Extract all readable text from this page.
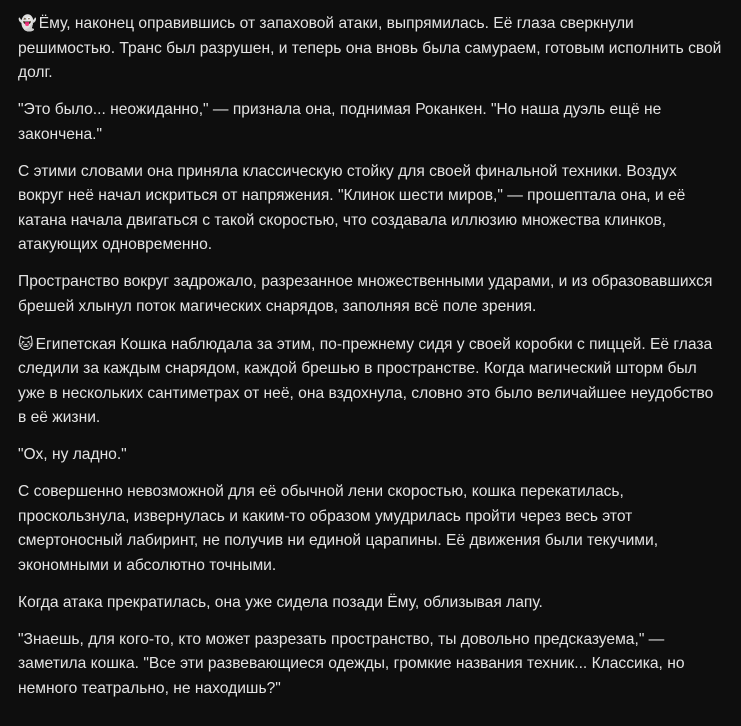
👻 Ёму, наконец оправившись от запаховой атаки, выпрямилась. Её глаза сверкнули решимостью. Транс был разрушен, и теперь она вновь была самураем, готовым исполнить свой долг.

"Это было... неожиданно," — признала она, поднимая Роканкен. "Но наша дуэль ещё не закончена."

С этими словами она приняла классическую стойку для своей финальной техники. Воздух вокруг неё начал искриться от напряжения. "Клинок шести миров," — прошептала она, и её катана начала двигаться с такой скоростью, что создавала иллюзию множества клинков, атакующих одновременно.

Пространство вокруг задрожало, разрезанное множественными ударами, и из образовавшихся брешей хлынул поток магических снарядов, заполняя всё поле зрения.

🐱 Египетская Кошка наблюдала за этим, по-прежнему сидя у своей коробки с пиццей. Её глаза следили за каждым снарядом, каждой брешью в пространстве. Когда магический шторм был уже в нескольких сантиметрах от неё, она вздохнула, словно это было величайшее неудобство в её жизни.

"Ох, ну ладно."

С совершенно невозможной для её обычной лени скоростью, кошка перекатилась, проскользнула, извернулась и каким-то образом умудрилась пройти через весь этот смертоносный лабиринт, не получив ни единой царапины. Её движения были текучими, экономными и абсолютно точными.

Когда атака прекратилась, она уже сидела позади Ёму, облизывая лапу.

"Знаешь, для кого-то, кто может разрезать пространство, ты довольно предсказуема," — заметила кошка. "Все эти развевающиеся одежды, громкие названия техник... Классика, но немного театрально, не находишь?"
